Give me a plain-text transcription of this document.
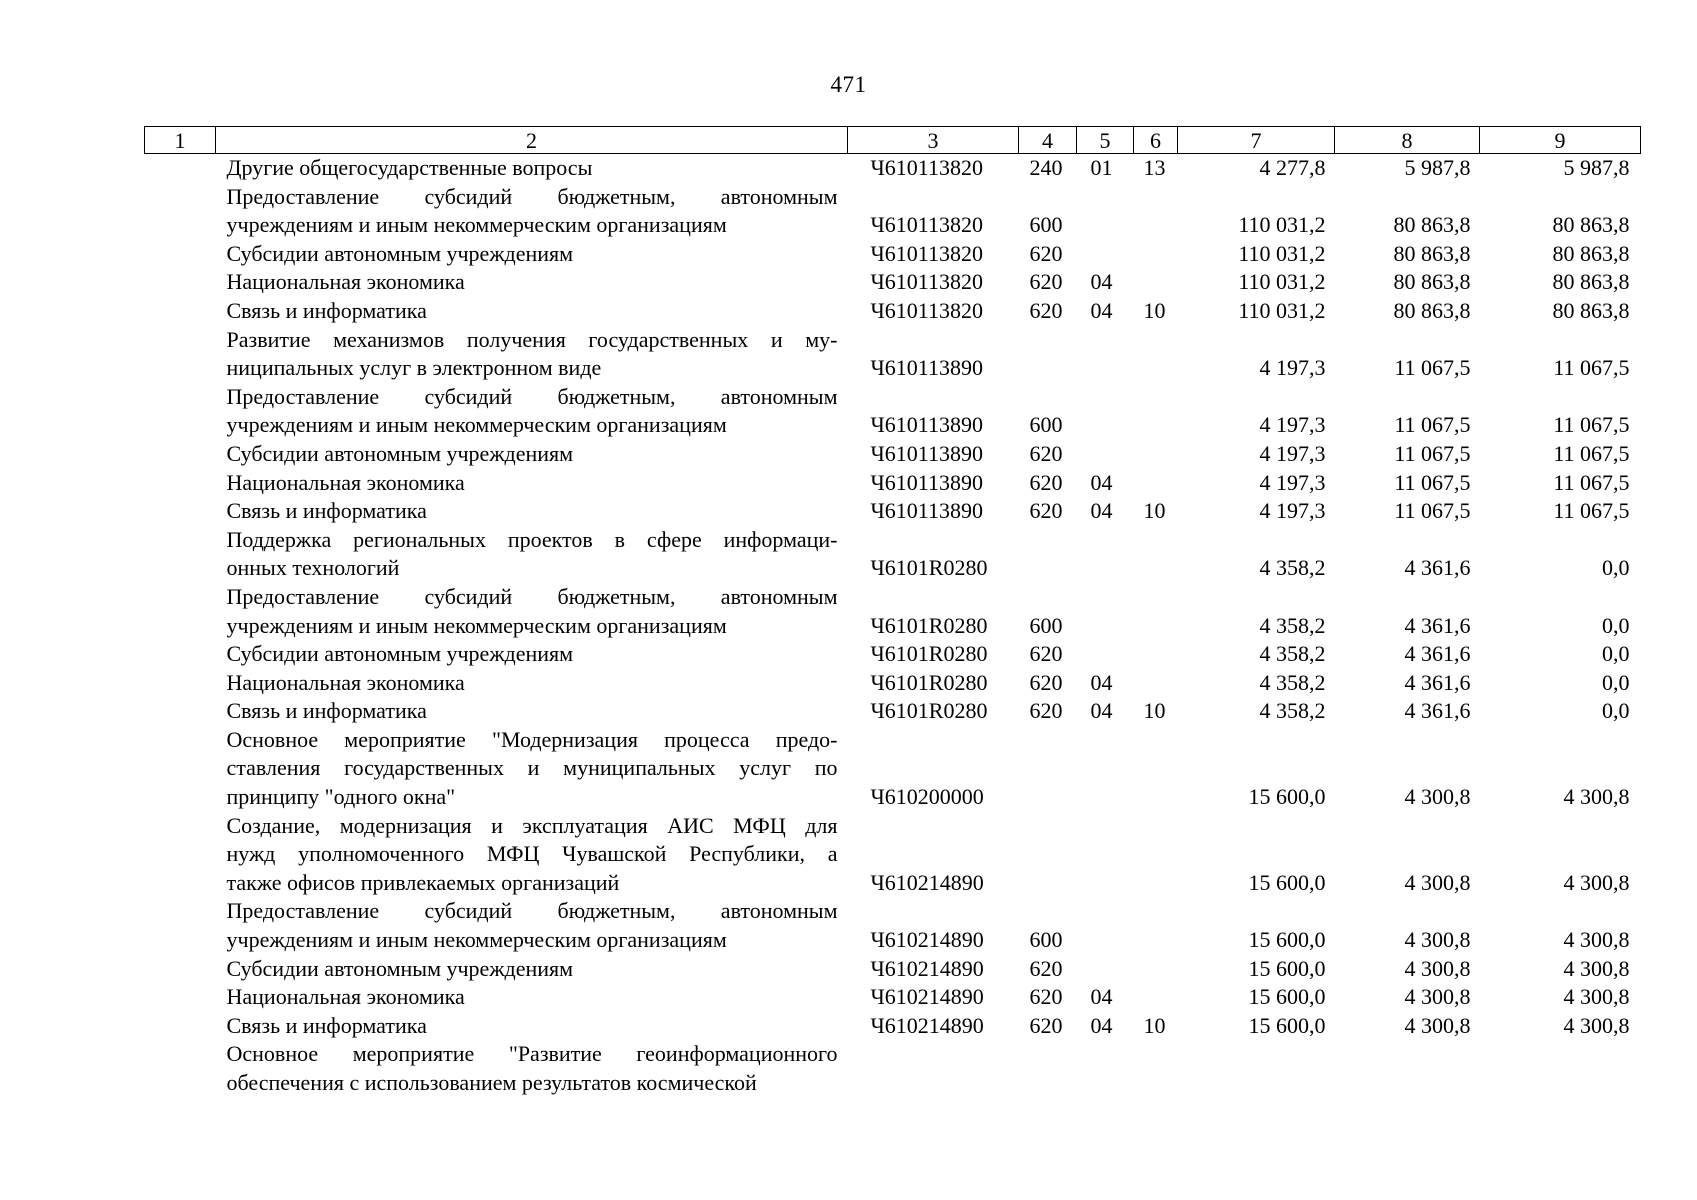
471
1	2	3	4	5	6	7	8	9

	Другие общегосударственные вопросы	Ч610113820	240	01	13	4 277,8	5 987,8	5 987,8

	Предоставление субсидий бюджетным, автономным
учреждениям и иным некоммерческим организациям	Ч610113820	600			110 031,2	80 863,8	80 863,8

	Субсидии автономным учреждениям	Ч610113820	620			110 031,2	80 863,8	80 863,8

	Национальная экономика	Ч610113820	620	04		110 031,2	80 863,8	80 863,8

	Связь и информатика	Ч610113820	620	04	10	110 031,2	80 863,8	80 863,8

	Развитие механизмов получения государственных и му-
ниципальных услуг в электронном виде	Ч610113890				4 197,3	11 067,5	11 067,5

	Предоставление субсидий бюджетным, автономным
учреждениям и иным некоммерческим организациям	Ч610113890	600			4 197,3	11 067,5	11 067,5

	Субсидии автономным учреждениям	Ч610113890	620			4 197,3	11 067,5	11 067,5

	Национальная экономика	Ч610113890	620	04		4 197,3	11 067,5	11 067,5

	Связь и информатика	Ч610113890	620	04	10	4 197,3	11 067,5	11 067,5

	Поддержка региональных проектов в сфере информаци-
онных технологий	Ч6101R0280				4 358,2	4 361,6	0,0

	Предоставление субсидий бюджетным, автономным
учреждениям и иным некоммерческим организациям	Ч6101R0280	600			4 358,2	4 361,6	0,0

	Субсидии автономным учреждениям	Ч6101R0280	620			4 358,2	4 361,6	0,0

	Национальная экономика	Ч6101R0280	620	04		4 358,2	4 361,6	0,0

	Связь и информатика	Ч6101R0280	620	04	10	4 358,2	4 361,6	0,0

	Основное мероприятие "Модернизация процесса предо-
ставления государственных и муниципальных услуг по
принципу "одного окна"	Ч610200000				15 600,0	4 300,8	4 300,8

	Создание, модернизация и эксплуатация АИС МФЦ для
нужд уполномоченного МФЦ Чувашской Республики, а
также офисов привлекаемых организаций	Ч610214890				15 600,0	4 300,8	4 300,8

	Предоставление субсидий бюджетным, автономным
учреждениям и иным некоммерческим организациям	Ч610214890	600			15 600,0	4 300,8	4 300,8

	Субсидии автономным учреждениям	Ч610214890	620			15 600,0	4 300,8	4 300,8

	Национальная экономика	Ч610214890	620	04		15 600,0	4 300,8	4 300,8

	Связь и информатика	Ч610214890	620	04	10	15 600,0	4 300,8	4 300,8

	Основное мероприятие "Развитие геоинформационного
обеспечения с использованием результатов космической							
